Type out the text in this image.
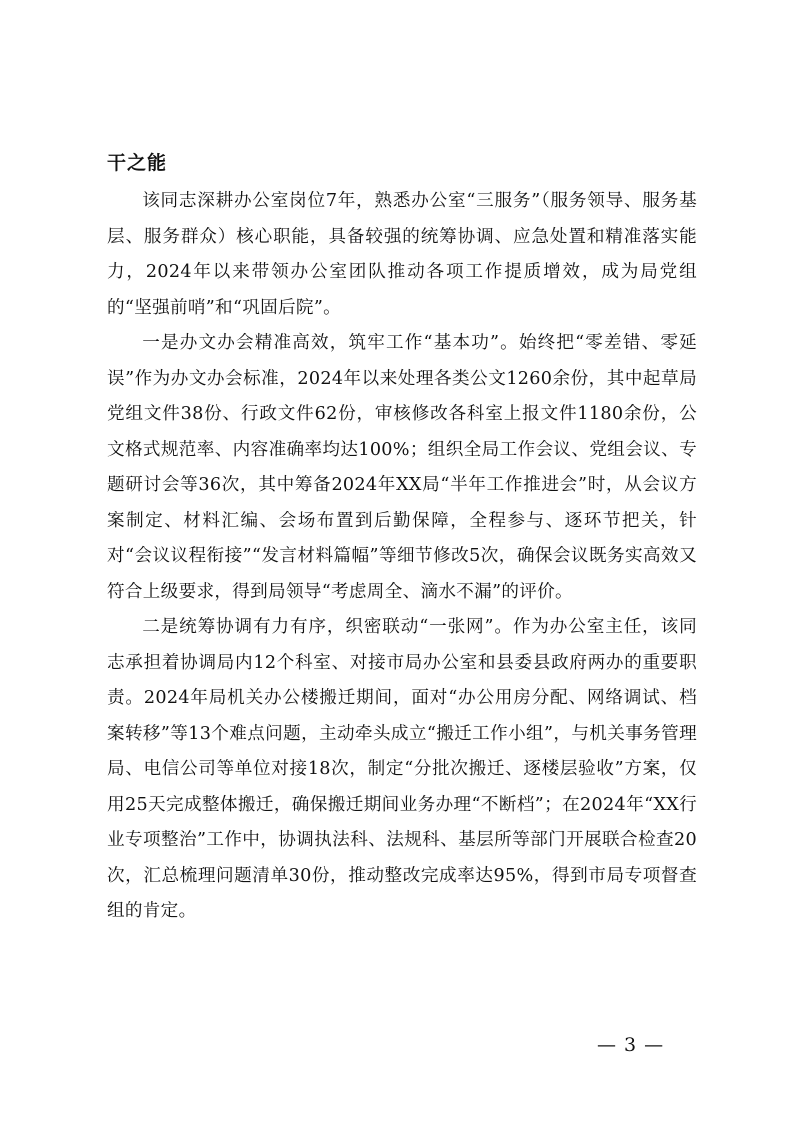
干之能

该同志深耕办公室岗位7年，熟悉办公室“三服务”（服务领导、服务基层、服务群众）核心职能，具备较强的统筹协调、应急处置和精准落实能力，2024年以来带领办公室团队推动各项工作提质增效，成为局党组的“坚强前哨”和“巩固后院”。

一是办文办会精准高效，筑牢工作“基本功”。始终把“零差错、零延误”作为办文办会标准，2024年以来处理各类公文1260余份，其中起草局党组文件38份、行政文件62份，审核修改各科室上报文件1180余份，公文格式规范率、内容准确率均达100%；组织全局工作会议、党组会议、专题研讨会等36次，其中筹备2024年XX局“半年工作推进会”时，从会议方案制定、材料汇编、会场布置到后勤保障，全程参与、逐环节把关，针对“会议议程衔接”“发言材料篇幅”等细节修改5次，确保会议既务实高效又符合上级要求，得到局领导“考虑周全、滴水不漏”的评价。

二是统筹协调有力有序，织密联动“一张网”。作为办公室主任，该同志承担着协调局内12个科室、对接市局办公室和县委县政府两办的重要职责。2024年局机关办公楼搬迁期间，面对“办公用房分配、网络调试、档案转移”等13个难点问题，主动牵头成立“搬迁工作小组”，与机关事务管理局、电信公司等单位对接18次，制定“分批次搬迁、逐楼层验收”方案，仅用25天完成整体搬迁，确保搬迁期间业务办理“不断档”；在2024年“XX行业专项整治”工作中，协调执法科、法规科、基层所等部门开展联合检查20次，汇总梳理问题清单30份，推动整改完成率达95%，得到市局专项督查组的肯定。

— 3 —
